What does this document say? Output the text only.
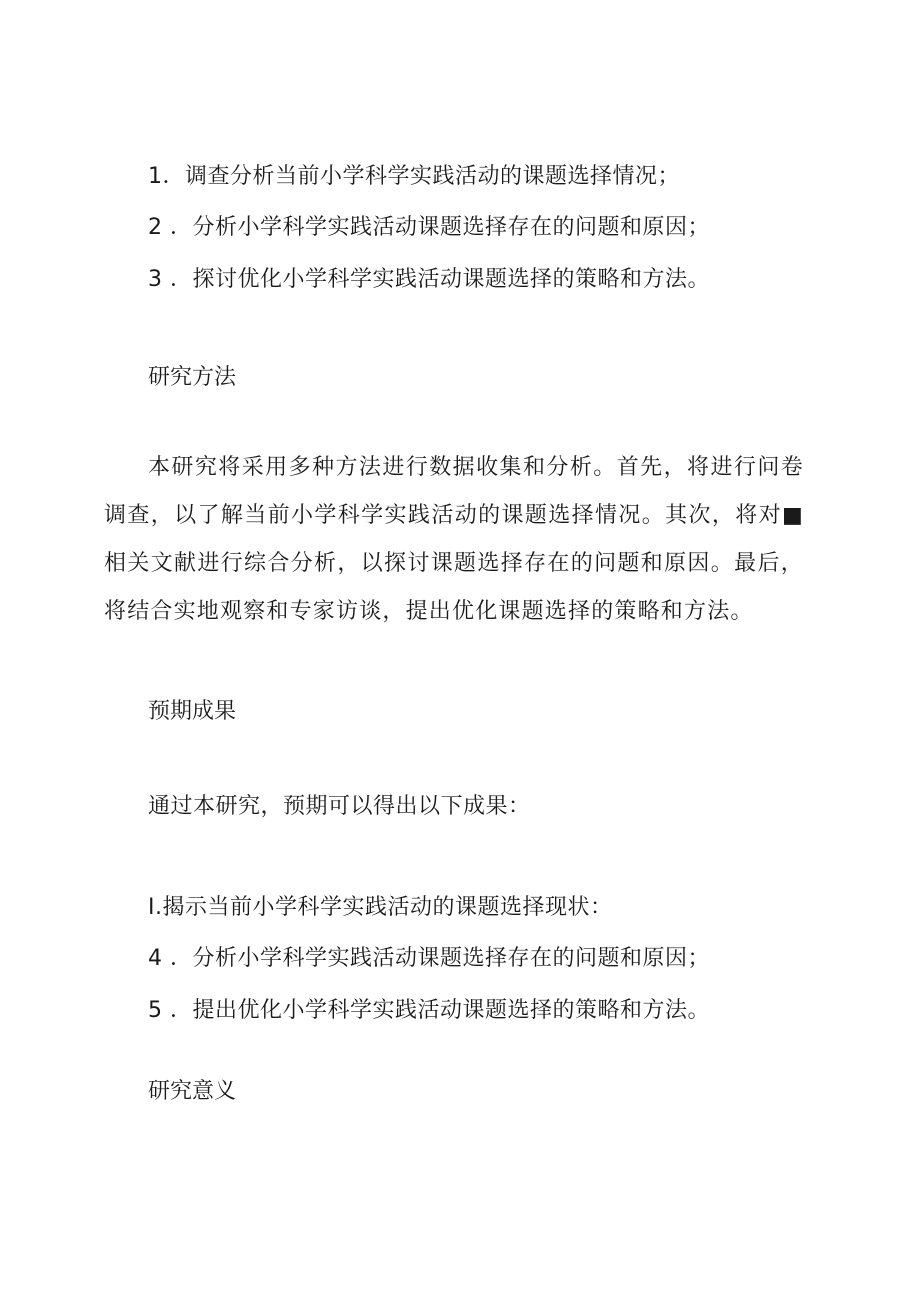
1．调查分析当前小学科学实践活动的课题选择情况；
2 ．分析小学科学实践活动课题选择存在的问题和原因；
3 ．探讨优化小学科学实践活动课题选择的策略和方法。
研究方法
本研究将采用多种方法进行数据收集和分析。首先，将进行问卷调查，以了解当前小学科学实践活动的课题选择情况。其次，将对■相关文献进行综合分析，以探讨课题选择存在的问题和原因。最后，将结合实地观察和专家访谈，提出优化课题选择的策略和方法。
预期成果
通过本研究，预期可以得出以下成果：
I.揭示当前小学科学实践活动的课题选择现状：
4 ．分析小学科学实践活动课题选择存在的问题和原因；
5 ．提出优化小学科学实践活动课题选择的策略和方法。
研究意义
